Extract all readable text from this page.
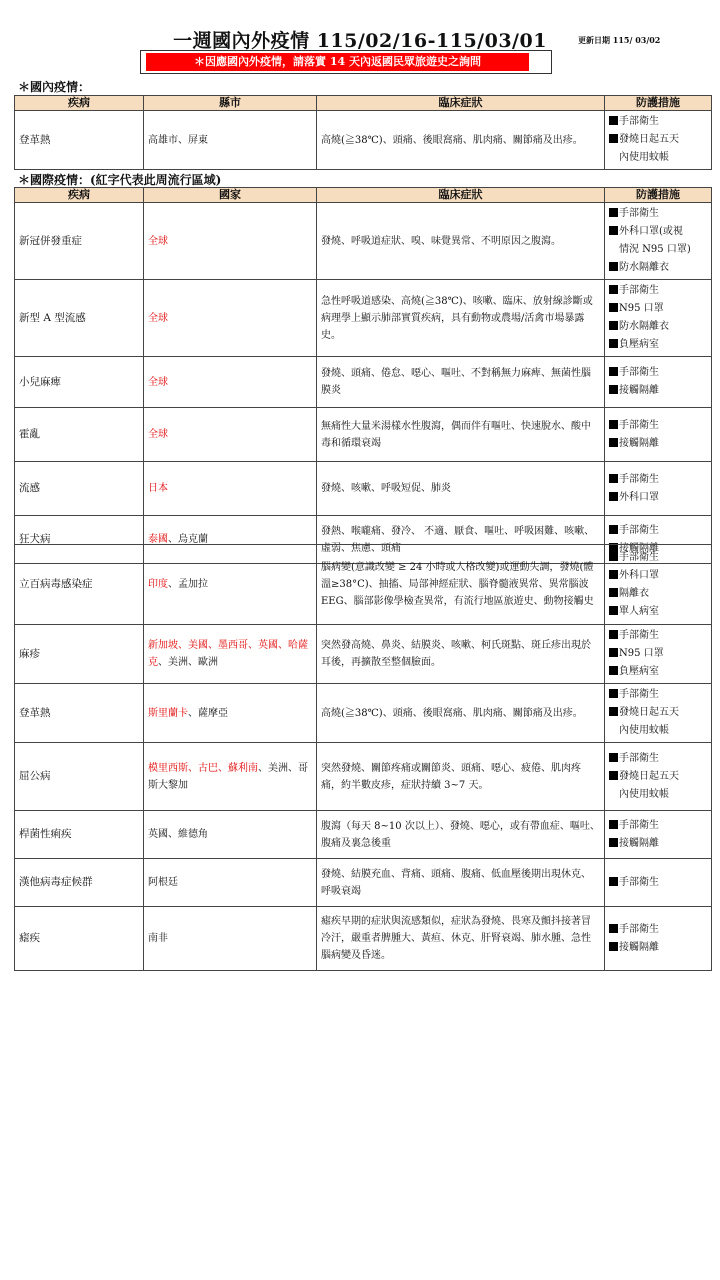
一週國內外疫情 115/02/16-115/03/01	更新日期 115/ 03/02
＊因應國內外疫情，請落實 14 天內返國民眾旅遊史之詢問
＊國內疫情：
疾病	縣市	臨床症狀	防護措施
登革熱	高雄市、屏東	高燒(≧38℃)、頭痛、後眼窩痛、肌肉痛、關節痛及出疹。	手部衛生
發燒日起五天
內使用蚊帳
＊國際疫情：(紅字代表此周流行區域)
疾病	國家	臨床症狀	防護措施
新冠併發重症	全球	發燒、呼吸道症狀、嗅、味覺異常、不明原因之腹瀉。	手部衛生
外科口罩(或視
情況 N95 口罩)
防水隔離衣

新型 A 型流感	全球	急性呼吸道感染、高燒(≧38℃)、咳嗽、臨床、放射線診斷或病理學上顯示肺部實質疾病，具有動物或農場/活禽市場暴露史。	手部衛生
N95 口罩
防水隔離衣
負壓病室

小兒麻痺	全球	發燒、頭痛、倦怠、噁心、嘔吐、不對稱無力麻痺、無菌性腦膜炎	手部衛生
接觸隔離

霍亂	全球	無痛性大量米湯樣水性腹瀉，偶而伴有嘔吐、快速脫水、酸中毒和循環衰竭	手部衛生
接觸隔離

流感	日本	發燒、咳嗽、呼吸短促、肺炎	手部衛生
外科口罩

狂犬病	泰國、烏克蘭	發熱、喉嚨痛、發冷、 不適、厭食、嘔吐、呼吸困難、咳嗽、虛弱、焦慮、頭痛	手部衛生
接觸隔離
立百病毒感染症	印度、孟加拉	腦病變(意識改變 ≥ 24 小時或人格改變)或運動失調，發燒(體溫≥38°C)、抽搐、局部神經症狀、腦脊髓液異常、異常腦波 EEG、腦部影像學檢查異常，有流行地區旅遊史、動物接觸史	手部衛生
外科口罩
隔離衣
單人病室

麻疹	新加坡、美國、墨西哥、英國、哈薩克、美洲、歐洲	突然發高燒、鼻炎、結膜炎、咳嗽、柯氏斑點、斑丘疹出現於耳後，再擴散至整個臉面。	手部衛生
N95 口罩
負壓病室

登革熱	斯里蘭卡、薩摩亞	高燒(≧38℃)、頭痛、後眼窩痛、肌肉痛、關節痛及出疹。	手部衛生
發燒日起五天
內使用蚊帳

屈公病	模里西斯、古巴、蘇利南、美洲、哥斯大黎加	突然發燒、關節疼痛或關節炎、頭痛、噁心、疲倦、肌肉疼痛，約半數皮疹，症狀持續 3~7 天。	手部衛生
發燒日起五天
內使用蚊帳

桿菌性痢疾	英國、維德角	腹瀉（每天 8~10 次以上）、發燒、噁心，或有帶血症、嘔吐、腹痛及裏急後重	手部衛生
接觸隔離

漢他病毒症候群	阿根廷	發燒、結膜充血、背痛、頭痛、腹痛、低血壓後期出現休克、呼吸衰竭	手部衛生

瘧疾	南非	瘧疾早期的症狀與流感類似，症狀為發燒、畏寒及顫抖接著冒冷汗，嚴重者脾腫大、黃疸、休克、肝腎衰竭、肺水腫、急性腦病變及昏迷。	手部衛生
接觸隔離
